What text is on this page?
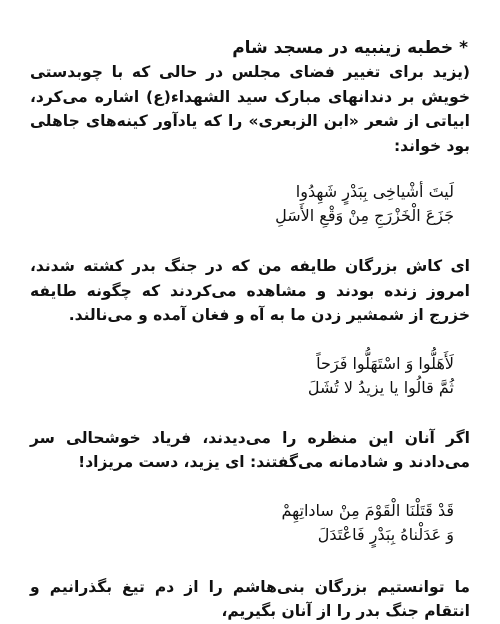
* خطبه زینبیه در مسجد شام

(یزید برای تغییر فضای مجلس در حالی که با چوبدستی خویش بر دندانهای مبارک سید الشهداء(ع) اشاره می‌کرد، ابیاتی از شعر «ابن الزبعری» را که یادآور کینه‌های جاهلی بود خواند:

لَیتَ أشْیاخِی بِبَدْرٍ شَهِدُوا
جَزَعَ الْخَزْرَجِ مِنْ وَقْعِ الأَسَلِ

ای کاش بزرگان طایفه من که در جنگ بدر کشته شدند، امروز زنده بودند و مشاهده می‌کردند که چگونه طایفه خزرج از شمشیر زدن ما به آه و فغان آمده و می‌نالند.

لَأَهَلُّوا وَ اسْتَهَلُّوا فَرَحاً
ثُمَّ قالُوا یا یزیدُ لا تُشَلَ

اگر آنان این منظره را می‌دیدند، فریاد خوشحالی سر می‌دادند و شادمانه می‌گفتند: ای یزید، دست مریزاد!

قَدْ قَتَلْنَا الْقَوْمَ مِنْ ساداتِهِمْ
وَ عَدَلْناهُ بِبَدْرٍ فَاعْتَدَلَ

ما توانستیم بزرگان بنی‌هاشم را از دم تیغ بگذرانیم و انتقام جنگ بدر را از آنان بگیریم،
